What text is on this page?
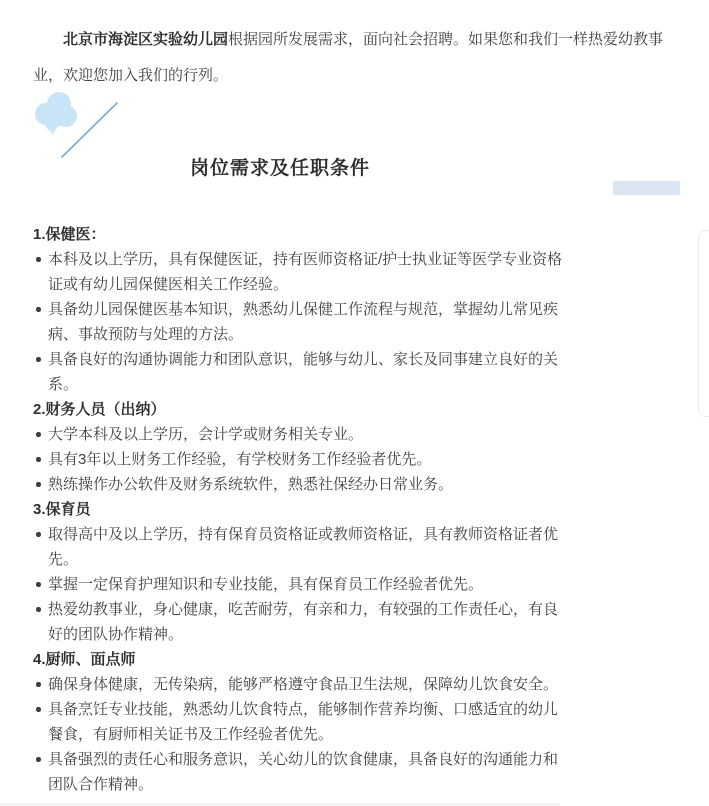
北京市海淀区实验幼儿园根据园所发展需求，面向社会招聘。如果您和我们一样热爱幼教事业，欢迎您加入我们的行列。

岗位需求及任职条件
1.保健医：
本科及以上学历，具有保健医证，持有医师资格证/护士执业证等医学专业资格证或有幼儿园保健医相关工作经验。
具备幼儿园保健医基本知识，熟悉幼儿保健工作流程与规范，掌握幼儿常见疾病、事故预防与处理的方法。
具备良好的沟通协调能力和团队意识，能够与幼儿、家长及同事建立良好的关系。
2.财务人员（出纳）
大学本科及以上学历，会计学或财务相关专业。
具有3年以上财务工作经验，有学校财务工作经验者优先。
熟练操作办公软件及财务系统软件，熟悉社保经办日常业务。
3.保育员
取得高中及以上学历，持有保育员资格证或教师资格证，具有教师资格证者优先。
掌握一定保育护理知识和专业技能，具有保育员工作经验者优先。
热爱幼教事业，身心健康，吃苦耐劳，有亲和力，有较强的工作责任心，有良好的团队协作精神。
4.厨师、面点师
确保身体健康，无传染病，能够严格遵守食品卫生法规，保障幼儿饮食安全。
具备烹饪专业技能，熟悉幼儿饮食特点，能够制作营养均衡、口感适宜的幼儿餐食，有厨师相关证书及工作经验者优先。
具备强烈的责任心和服务意识，关心幼儿的饮食健康，具备良好的沟通能力和团队合作精神。
